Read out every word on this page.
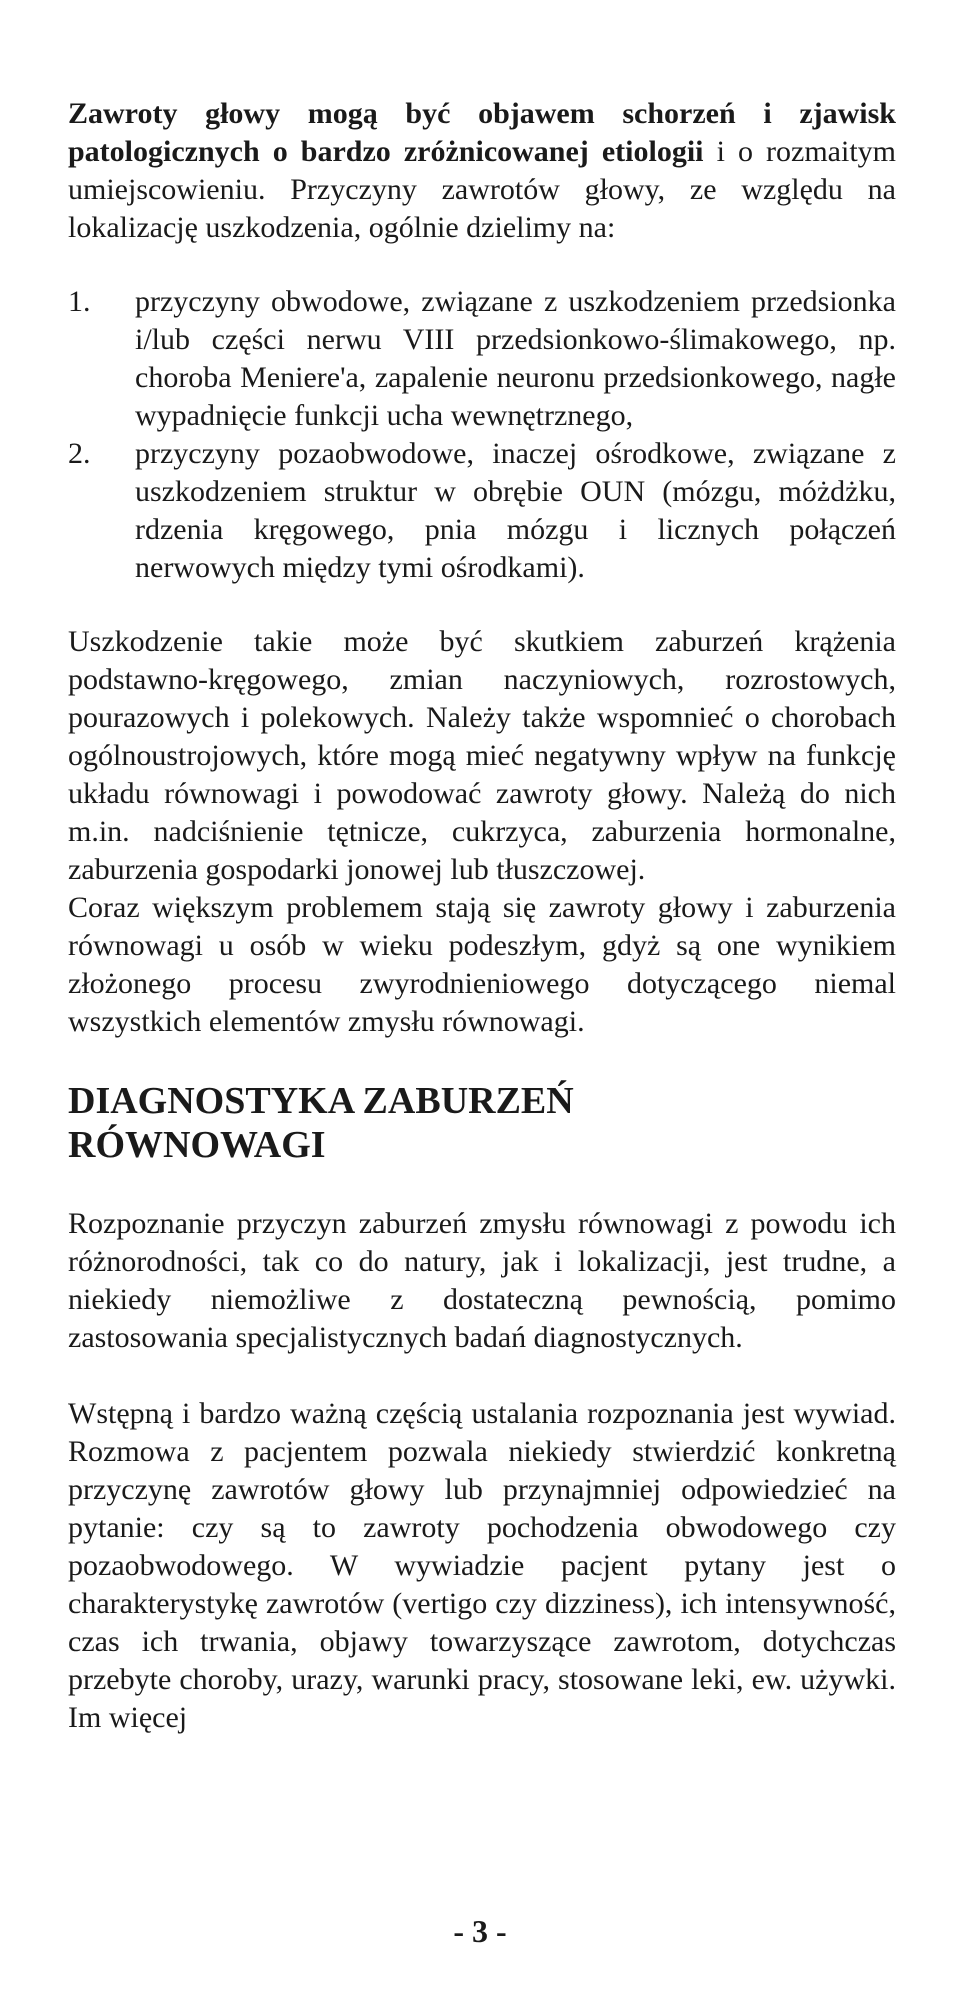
Zawroty głowy mogą być objawem schorzeń i zjawisk patologicznych o bardzo zróżnicowanej etiologii i o rozmaitym umiejscowieniu. Przyczyny zawrotów głowy, ze względu na lokalizację uszkodzenia, ogólnie dzielimy na:

1.	przyczyny obwodowe, związane z uszkodzeniem przedsionka i/lub części nerwu VIII przedsionkowo-ślimakowego, np. choroba Meniere'a, zapalenie neuronu przedsionkowego, nagłe wypadnięcie funkcji ucha wewnętrznego,
2.	przyczyny pozaobwodowe, inaczej ośrodkowe, związane z uszkodzeniem struktur w obrębie OUN (mózgu, móżdżku, rdzenia kręgowego, pnia mózgu i licznych połączeń nerwowych między tymi ośrodkami).

Uszkodzenie takie może być skutkiem zaburzeń krążenia podstawno-kręgowego, zmian naczyniowych, rozrostowych, pourazowych i polekowych. Należy także wspomnieć o chorobach ogólnoustrojowych, które mogą mieć negatywny wpływ na funkcję układu równowagi i powodować zawroty głowy. Należą do nich m.in. nadciśnienie tętnicze, cukrzyca, zaburzenia hormonalne, zaburzenia gospodarki jonowej lub tłuszczowej.

Coraz większym problemem stają się zawroty głowy i zaburzenia równowagi u osób w wieku podeszłym, gdyż są one wynikiem złożonego procesu zwyrodnieniowego dotyczącego niemal wszystkich elementów zmysłu równowagi.

DIAGNOSTYKA ZABURZEŃ
RÓWNOWAGI

Rozpoznanie przyczyn zaburzeń zmysłu równowagi z powodu ich różnorodności, tak co do natury, jak i lokalizacji, jest trudne, a niekiedy niemożliwe z dostateczną pewnością, pomimo zastosowania specjalistycznych badań diagnostycznych.

Wstępną i bardzo ważną częścią ustalania rozpoznania jest wywiad. Rozmowa z pacjentem pozwala niekiedy stwierdzić konkretną przyczynę zawrotów głowy lub przynajmniej odpowiedzieć na pytanie: czy są to zawroty pochodzenia obwodowego czy pozaobwodowego. W wywiadzie pacjent pytany jest o charakterystykę zawrotów (vertigo czy dizziness), ich intensywność, czas ich trwania, objawy towarzyszące zawrotom, dotychczas przebyte choroby, urazy, warunki pracy, stosowane leki, ew. używki. Im więcej

- 3 -
